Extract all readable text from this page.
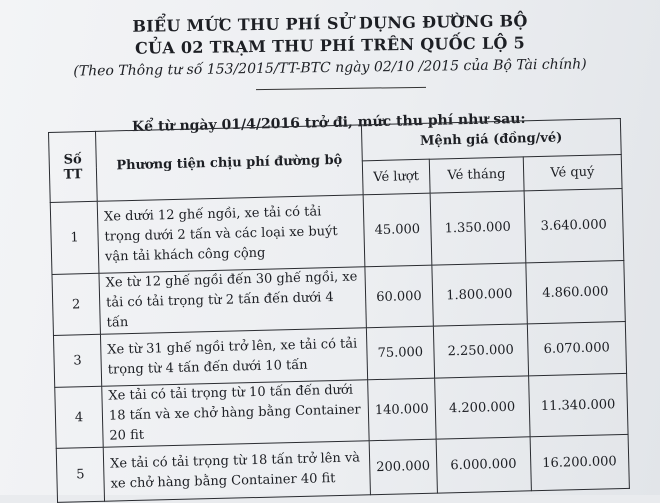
BIỂU MỨC THU PHÍ SỬ DỤNG ĐƯỜNG BỘ
CỦA 02 TRẠM THU PHÍ TRÊN QUỐC LỘ 5
(Theo Thông tư số 153/2015/TT-BTC ngày 02/10 /2015 của Bộ Tài chính)
Kể từ ngày 01/4/2016 trở đi, mức thu phí như sau:
Số TT	Phương tiện chịu phí đường bộ	Mệnh giá (đồng/vé)		
		Vé lượt	Vé tháng	Vé quý
1	Xe dưới 12 ghế ngồi, xe tải có tải trọng dưới 2 tấn và các loại xe buýt vận tải khách công cộng	45.000	1.350.000	3.640.000
2	Xe từ 12 ghế ngồi đến 30 ghế ngồi, xe tải có tải trọng từ 2 tấn đến dưới 4 tấn	60.000	1.800.000	4.860.000
3	Xe từ 31 ghế ngồi trở lên, xe tải có tải trọng từ 4 tấn đến dưới 10 tấn	75.000	2.250.000	6.070.000
4	Xe tải có tải trọng từ 10 tấn đến dưới 18 tấn và xe chở hàng bằng Container 20 fit	140.000	4.200.000	11.340.000
5	Xe tải có tải trọng từ 18 tấn trở lên và xe chở hàng bằng Container 40 fit	200.000	6.000.000	16.200.000
